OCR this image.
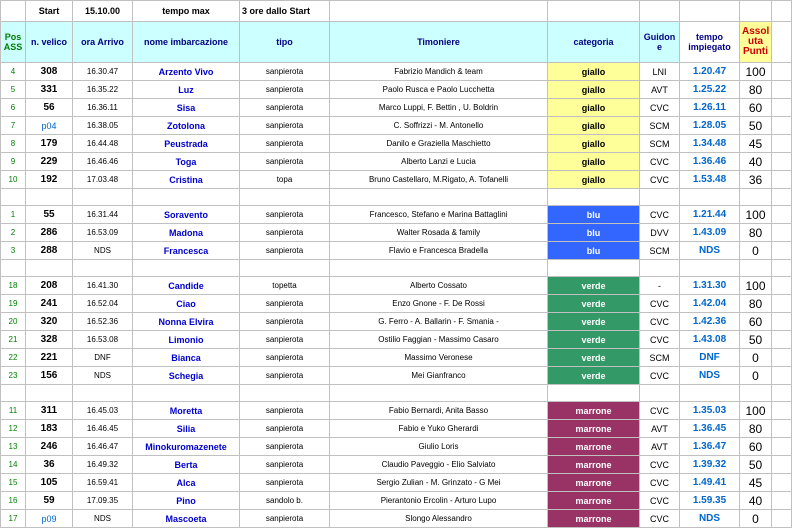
	Start	15.10.00	tempo max	3 ore dallo Start						
Pos ASS	n. velico	ora Arrivo	nome imbarcazione	tipo	Timoniere	categoria	Guidon e	tempo impiegato	Assol uta Punti	
4	308	16.30.47	Arzento Vivo	sanpierota	Fabrizio Mandich & team	giallo	LNI	1.20.47	100	
5	331	16.35.22	Luz	sanpierota	Paolo Rusca e Paolo Lucchetta	giallo	AVT	1.25.22	80	
6	56	16.36.11	Sisa	sanpierota	Marco Luppi, F. Bettin , U. Boldrin	giallo	CVC	1.26.11	60	
7	p04	16.38.05	Zotolona	sanpierota	C. Soffrizzi - M. Antonello	giallo	SCM	1.28.05	50	
8	179	16.44.48	Peustrada	sanpierota	Danilo e Graziella Maschietto	giallo	SCM	1.34.48	45	
9	229	16.46.46	Toga	sanpierota	Alberto Lanzi e Lucia	giallo	CVC	1.36.46	40	
10	192	17.03.48	Cristina	topa	Bruno Castellaro, M.Rigato, A. Tofanelli	giallo	CVC	1.53.48	36	

1	55	16.31.44	Soravento	sanpierota	Francesco, Stefano e Marina Battaglini	blu	CVC	1.21.44	100	
2	286	16.53.09	Madona	sanpierota	Walter Rosada & family	blu	DVV	1.43.09	80	
3	288	NDS	Francesca	sanpierota	Flavio e Francesca Bradella	blu	SCM	NDS	0	

18	208	16.41.30	Candide	topetta	Alberto Cossato	verde	-	1.31.30	100	
19	241	16.52.04	Ciao	sanpierota	Enzo Gnone - F. De Rossi	verde	CVC	1.42.04	80	
20	320	16.52.36	Nonna Elvira	sanpierota	G. Ferro - A. Ballarin - F. Smania -	verde	CVC	1.42.36	60	
21	328	16.53.08	Limonio	sanpierota	Ostilio Faggian - Massimo Casaro	verde	CVC	1.43.08	50	
22	221	DNF	Bianca	sanpierota	Massimo Veronese	verde	SCM	DNF	0	
23	156	NDS	Schegia	sanpierota	Mei Gianfranco	verde	CVC	NDS	0	

11	311	16.45.03	Moretta	sanpierota	Fabio Bernardi, Anita Basso	marrone	CVC	1.35.03	100	
12	183	16.46.45	Silia	sanpierota	Fabio e Yuko Gherardi	marrone	AVT	1.36.45	80	
13	246	16.46.47	Minokuromazenete	sanpierota	Giulio Loris	marrone	AVT	1.36.47	60	
14	36	16.49.32	Berta	sanpierota	Claudio Paveggio - Elio Salviato	marrone	CVC	1.39.32	50	
15	105	16.59.41	Alca	sanpierota	Sergio Zulian - M. Grinzato - G Mei	marrone	CVC	1.49.41	45	
16	59	17.09.35	Pino	sandolo b.	Pierantonio Ercolin - Arturo Lupo	marrone	CVC	1.59.35	40	
17	p09	NDS	Mascoeta	sanpierota	Slongo Alessandro	marrone	CVC	NDS	0	
